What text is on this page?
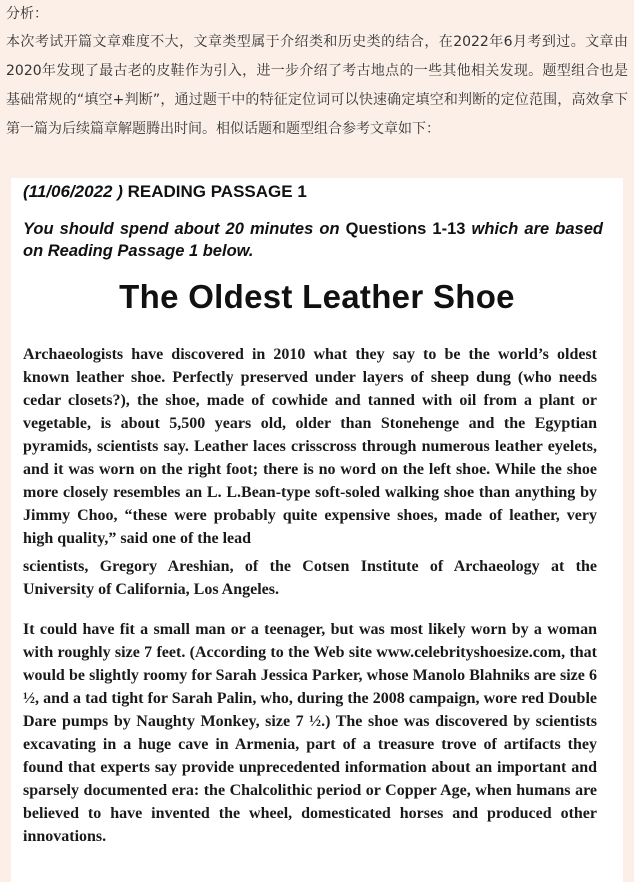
分析：

本次考试开篇文章难度不大，文章类型属于介绍类和历史类的结合，在2022年6月考到过。文章由2020年发现了最古老的皮鞋作为引入，进一步介绍了考古地点的一些其他相关发现。题型组合也是基础常规的“填空+判断”，通过题干中的特征定位词可以快速确定填空和判断的定位范围，高效拿下第一篇为后续篇章解题腾出时间。相似话题和题型组合参考文章如下：

(11/06/2022 ) READING PASSAGE 1
You should spend about 20 minutes on Questions 1-13 which are based on Reading Passage 1 below.
The Oldest Leather Shoe

Archaeologists have discovered in 2010 what they say to be the world’s oldest known leather shoe. Perfectly preserved under layers of sheep dung (who needs cedar closets?), the shoe, made of cowhide and tanned with oil from a plant or vegetable, is about 5,500 years old, older than Stonehenge and the Egyptian pyramids, scientists say. Leather laces crisscross through numerous leather eyelets, and it was worn on the right foot; there is no word on the left shoe. While the shoe more closely resembles an L. L.Bean-type soft-soled walking shoe than anything by Jimmy Choo, “these were probably quite expensive shoes, made of leather, very high quality,” said one of the lead

scientists, Gregory Areshian, of the Cotsen Institute of Archaeology at the University of California, Los Angeles.

It could have fit a small man or a teenager, but was most likely worn by a woman with roughly size 7 feet. (According to the Web site www.celebrityshoesize.com, that would be slightly roomy for Sarah Jessica Parker, whose Manolo Blahniks are size 6 ½, and a tad tight for Sarah Palin, who, during the 2008 campaign, wore red Double Dare pumps by Naughty Monkey, size 7 ½.) The shoe was discovered by scientists excavating in a huge cave in Armenia, part of a treasure trove of artifacts they found that experts say provide unprecedented information about an important and sparsely documented era: the Chalcolithic period or Copper Age, when humans are believed to have invented the wheel, domesticated horses and produced other innovations.
